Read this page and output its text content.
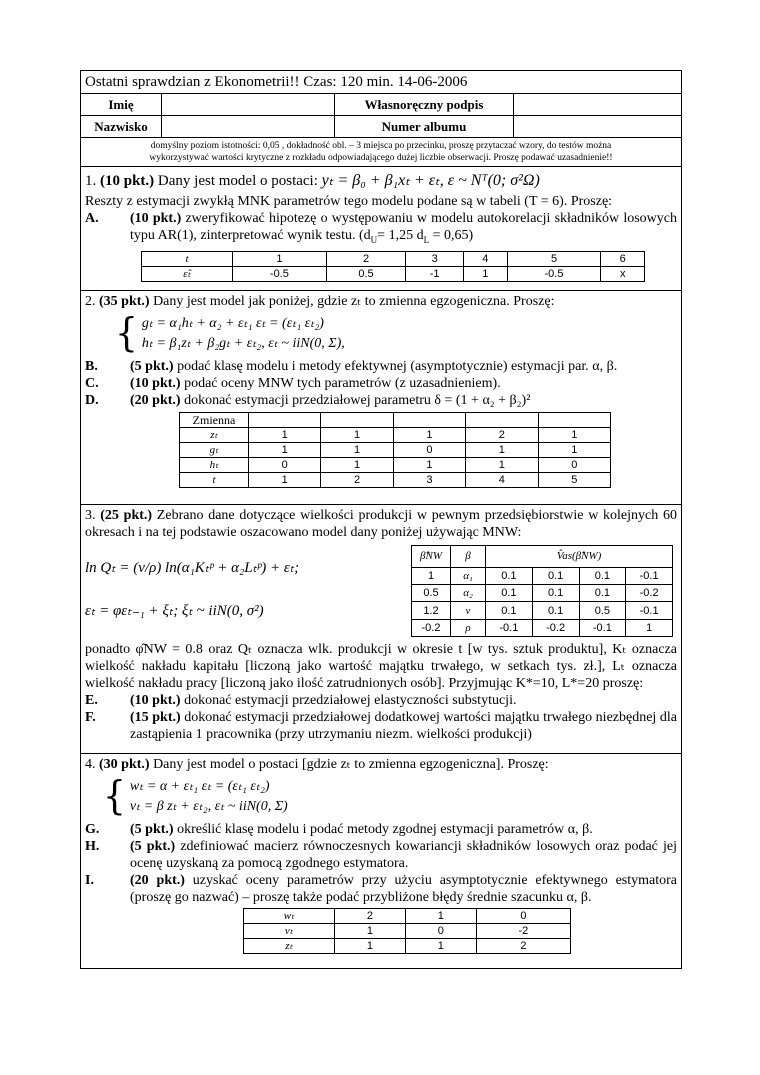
Ostatni sprawdzian z Ekonometrii!! Czas: 120 min. 14-06-2006
Imię		Własnoręczny podpis	
Nazwisko		Numer albumu	
domyślny poziom istotności: 0,05 , dokładność obl. – 3 miejsca po przecinku, proszę przytaczać wzory, do testów można
wykorzystywać wartości krytyczne z rozkładu odpowiadającego dużej liczbie obserwacji. Proszę podawać uzasadnienie!!
1. (10 pkt.) Dany jest model o postaci: yₜ = β₀ + β₁xₜ + εₜ, ε ~ Nᵀ(0; σ²Ω)
Reszty z estymacji zwykłą MNK parametrów tego modelu podane są w tabeli (T = 6). Proszę:
A.	(10 pkt.) zweryfikować hipotezę o występowaniu w modelu autokorelacji składników losowych typu AR(1), zinterpretować wynik testu. ($d_U= 1,25$ $d_L = 0,65$)
t	1	2	3	4	5	6
ε̂ₜ	-0.5	0.5	-1	1	-0.5	x
2. (35 pkt.) Dany jest model jak poniżej, gdzie zₜ to zmienna egzogeniczna. Proszę:
{ gₜ = α₁hₜ + α₂ + εₜ₁ εₜ = (εₜ₁ εₜ₂)
hₜ = β₁zₜ + β₂gₜ + εₜ₂, εₜ ~ iiN(0, Σ),
B.	(5 pkt.) podać klasę modelu i metody efektywnej (asymptotycznie) estymacji par. α, β.
C.	(10 pkt.) podać oceny MNW tych parametrów (z uzasadnieniem).
D.	(20 pkt.) dokonać estymacji przedziałowej parametru δ = (1 + α₂ + β₂)²
Zmienna					
zₜ	1	1	1	2	1
gₜ	1	1	0	1	1
hₜ	0	1	1	1	0
t	1	2	3	4	5
3. (25 pkt.) Zebrano dane dotyczące wielkości produkcji w pewnym przedsiębiorstwie w kolejnych 60 okresach i na tej podstawie oszacowano model dany poniżej używając MNW:
ln Qₜ = (ν/ρ) ln(α₁Kₜᵖ + α₂Lₜᵖ) + εₜ;
εₜ = φεₜ₋₁ + ξₜ; ξₜ ~ iiN(0, σ²)
β̂NW	β	V̂as(β̂NW)			
1	α₁	0.1	0.1	0.1	-0.1
0.5	α₂	0.1	0.1	0.1	-0.2
1.2	ν	0.1	0.1	0.5	-0.1
-0.2	ρ	-0.1	-0.2	-0.1	1
ponadto φ̂NW = 0.8 oraz Qₜ oznacza wlk. produkcji w okresie t [w tys. sztuk produktu], Kₜ oznacza wielkość nakładu kapitału [liczoną jako wartość majątku trwałego, w setkach tys. zł.], Lₜ oznacza wielkość nakładu pracy [liczoną jako ilość zatrudnionych osób]. Przyjmując K*=10, L*=20 proszę:
E.	(10 pkt.) dokonać estymacji przedziałowej elastyczności substytucji.
F.	(15 pkt.) dokonać estymacji przedziałowej dodatkowej wartości majątku trwałego niezbędnej dla zastąpienia 1 pracownika (przy utrzymaniu niezm. wielkości produkcji)
4. (30 pkt.) Dany jest model o postaci [gdzie zₜ to zmienna egzogeniczna]. Proszę:
{ wₜ = α + εₜ₁ εₜ = (εₜ₁ εₜ₂)
vₜ = β zₜ + εₜ₂, εₜ ~ iiN(0, Σ)
G.	(5 pkt.) określić klasę modelu i podać metody zgodnej estymacji parametrów α, β.
H.	(5 pkt.) zdefiniować macierz równoczesnych kowariancji składników losowych oraz podać jej ocenę uzyskaną za pomocą zgodnego estymatora.
I.	(20 pkt.) uzyskać oceny parametrów przy użyciu asymptotycznie efektywnego estymatora (proszę go nazwać) – proszę także podać przybliżone błędy średnie szacunku α, β.
wₜ	2	1	0
vₜ	1	0	-2
zₜ	1	1	2
